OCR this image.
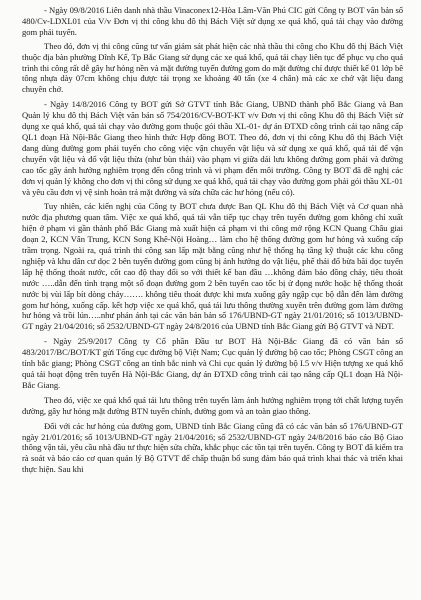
- Ngày 09/8/2016 Liên danh nhà thầu Vinaconex12-Hòa Lâm-Văn Phú CIC gửi Công ty BOT văn bản số 480/Cv-LDXL01 của V/v Đơn vị thi công khu đô thị Bách Việt sử dụng xe quá khổ, quá tải chạy vào đường gom phải tuyến.

Theo đó, đơn vị thi công cũng tư vấn giám sát phát hiện các nhà thầu thi công cho Khu đô thị Bách Việt thuộc địa bàn phường Dĩnh Kế, Tp Bắc Giang sử dụng các xe quá khổ, quá tải chạy liên tục để phục vụ cho quá trình thi công rất dễ gây hư hỏng nền và mặt đường tuyến đường gom do mặt đường chỉ được thiết kế 01 lớp bê tông nhựa dày 07cm không chịu được tải trọng xe khoảng 40 tấn (xe 4 chân) mà các xe chở vật liệu đang chuyên chở.

- Ngày 14/8/2016 Công ty BOT gửi Sở GTVT tỉnh Bắc Giang, UBND thành phố Bắc Giang và Ban Quản lý khu đô thị Bách Việt văn bản số 754/2016/CV-BOT-KT v/v Đơn vị thi công Khu đô thị Bách Việt sử dụng xe quá khổ, quá tải chạy vào đường gom thuộc gói thầu XL-01- dự án ĐTXD công trình cải tạo nâng cấp QL1 đoạn Hà Nội-Bắc Giang theo hình thức Hợp đồng BOT. Theo đó, đơn vị thi công Khu đô thị Bách Việt đang dùng đường gom phải tuyến cho công việc vận chuyển vật liệu và sử dụng xe quá khổ, quá tải để vận chuyển vật liệu và đổ vật liệu thừa (như bùn thải) vào phạm vi giữa dải lưu không đường gom phải và đường cao tốc gây ảnh hưởng nghiêm trọng đến công trình và vi phạm đến môi trường. Công ty BOT đã đề nghị các đơn vị quản lý không cho đơn vị thi công sử dụng xe quá khổ, quá tải chạy vào đường gom phải gói thầu XL-01 và yêu cầu đơn vị vệ sinh hoàn trả mặt đường và sửa chữa các hư hỏng (nếu có).

Tuy nhiên, các kiến nghị của Công ty BOT chưa được Ban QL Khu đô thị Bách Việt và Cơ quan nhà nước địa phương quan tâm. Việc xe quá khổ, quá tải vẫn tiếp tục chạy trên tuyến đường gom không chỉ xuất hiện ở phạm vi gần thành phố Bắc Giang mà xuất hiện cả phạm vi thi công mở rộng KCN Quang Châu giai đoạn 2, KCN Vân Trung, KCN Song Khê-Nội Hoàng… làm cho hệ thống đường gom hư hỏng và xuống cấp trầm trọng. Ngoài ra, quá trình thi công san lấp mặt bằng cũng như hệ thống hạ tầng kỹ thuật các khu công nghiệp và khu dân cư dọc 2 bên tuyến đường gom cũng bị ảnh hưởng do vật liệu, phế thải đổ bừa bãi dọc tuyến lấp hệ thống thoát nước, cốt cao độ thay đổi so với thiết kế ban đầu …không đảm bảo đồng chảy, tiêu thoát nước …..dẫn đến tình trạng một số đoạn đường gom 2 bên tuyến cao tốc bị ử đọng nước hoặc hệ thống thoát nước bị vùi lấp bít dòng chảy……. không tiêu thoát được khi mưa xuống gây ngập cục bộ dẫn đến làm đường gom hư hỏng, xuống cấp. kết hợp việc xe quá khổ, quá tải lưu thông thường xuyên trên đường gom làm đường hư hỏng và trồi lún…..như phản ánh tại các văn bản bản số 176/UBND-GT ngày 21/01/2016; số 1013/UBND-GT ngày 21/04/2016; số 2532/UBND-GT ngày 24/8/2016 của UBND tỉnh Bắc Giang gửi Bộ GTVT và NĐT.

- Ngày 25/9/2017 Công ty Cổ phần Đầu tư BOT Hà Nội-Bắc Giang đã có văn bản số 483/2017/BC/BOT/KT gửi Tổng cục đường bộ Việt Nam; Cục quản lý đường bộ cao tốc; Phòng CSGT công an tỉnh bắc giang; Phòng CSGT công an tỉnh bắc ninh và Chi cục quản lý đường bộ I.5 v/v Hiện tượng xe quá khổ quá tải hoạt động trên tuyến Hà Nội-Bắc Giang, dự án ĐTXD công trình cải tạo nâng cấp QL1 đoạn Hà Nội-Bắc Giang.

Theo đó, việc xe quá khổ quá tải lưu thông trên tuyến làm ảnh hưởng nghiêm trọng tới chất lượng tuyến đường, gây hư hỏng mặt đường BTN tuyến chính, đường gom và an toàn giao thông.

Đối với các hư hỏng của đường gom, UBND tỉnh Bắc Giang cũng đã có các văn bản số 176/UBND-GT ngày 21/01/2016; số 1013/UBND-GT ngày 21/04/2016; số 2532/UBND-GT ngày 24/8/2016 báo cáo Bộ Giao thông vận tải, yêu cầu nhà đầu tư thực hiện sửa chữa, khắc phục các tồn tại trên tuyến. Công ty BOT đã kiểm tra rà soát và báo cáo cơ quan quản lý Bộ GTVT để chấp thuận bổ sung đảm bảo quá trình khai thác và triển khai thực hiện. Sau khi
